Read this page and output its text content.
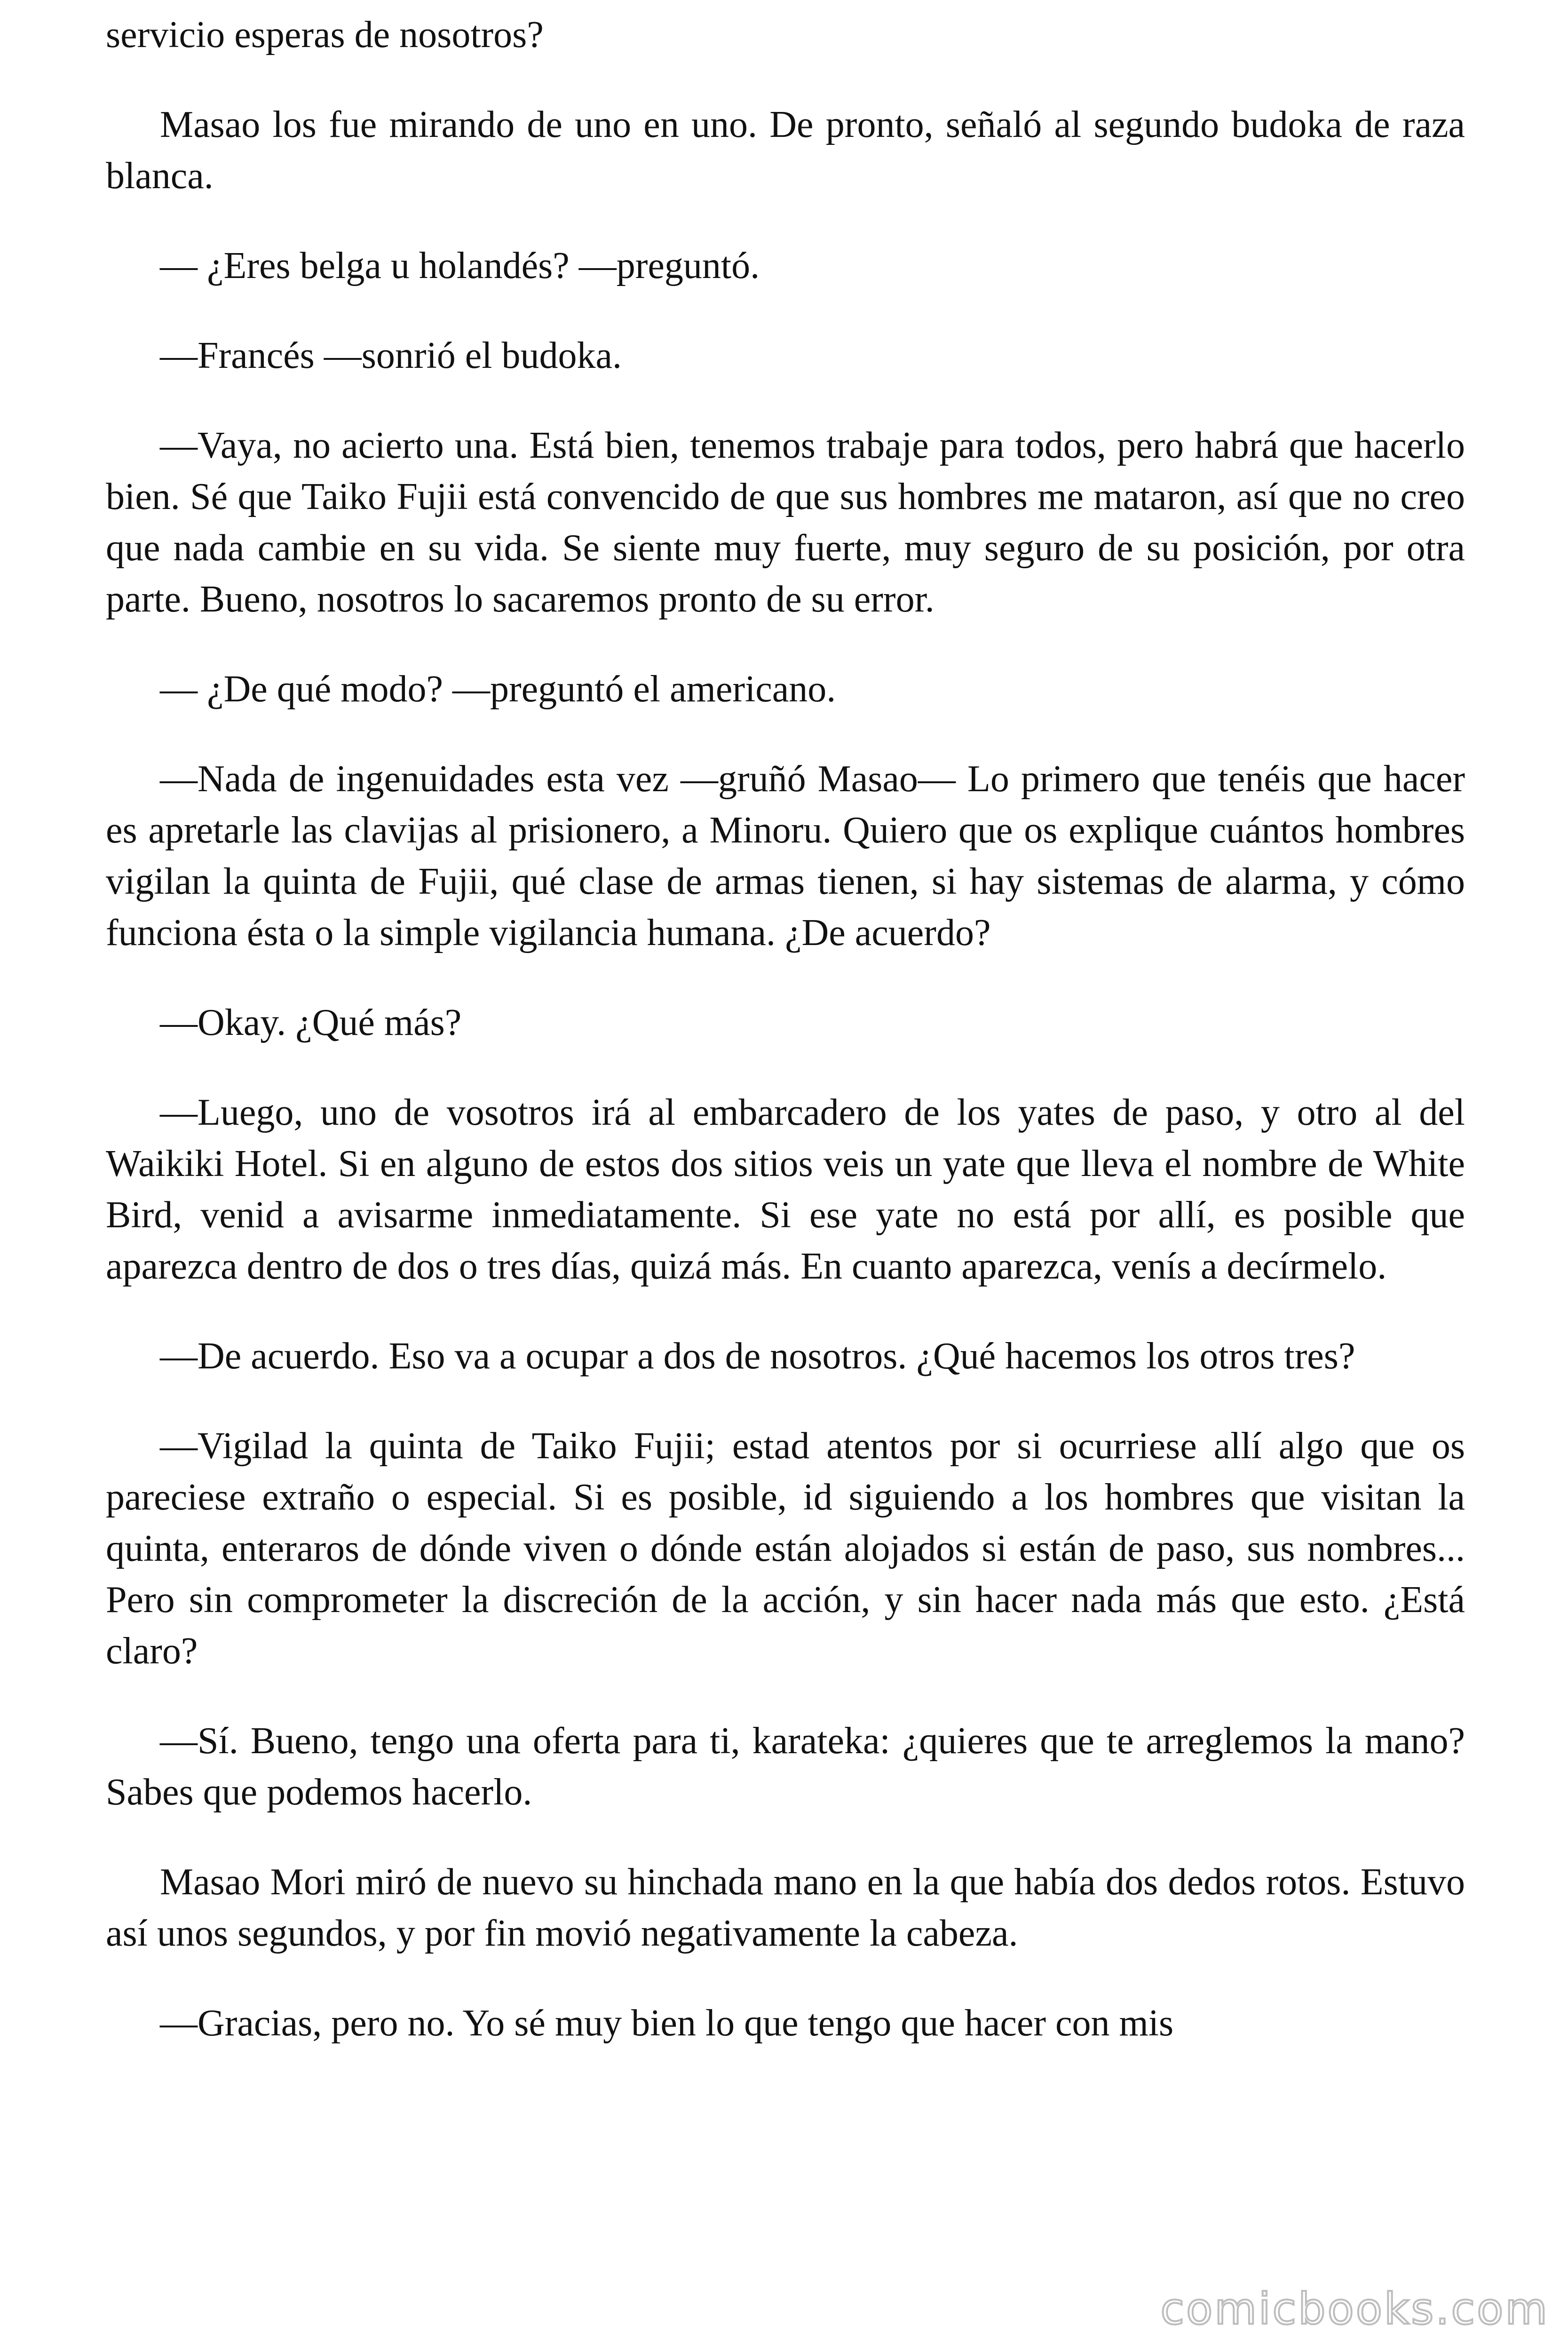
servicio esperas de nosotros?

Masao los fue mirando de uno en uno. De pronto, señaló al segundo budoka de raza blanca.

— ¿Eres belga u holandés? —preguntó.

—Francés —sonrió el budoka.

—Vaya, no acierto una. Está bien, tenemos trabaje para todos, pero habrá que hacerlo bien. Sé que Taiko Fujii está convencido de que sus hombres me mataron, así que no creo que nada cambie en su vida. Se siente muy fuerte, muy seguro de su posición, por otra parte. Bueno, nosotros lo sacaremos pronto de su error.

— ¿De qué modo? —preguntó el americano.

—Nada de ingenuidades esta vez —gruñó Masao— Lo primero que tenéis que hacer es apretarle las clavijas al prisionero, a Minoru. Quiero que os explique cuántos hombres vigilan la quinta de Fujii, qué clase de armas tienen, si hay sistemas de alarma, y cómo funciona ésta o la simple vigilancia humana. ¿De acuerdo?

—Okay. ¿Qué más?

—Luego, uno de vosotros irá al embarcadero de los yates de paso, y otro al del Waikiki Hotel. Si en alguno de estos dos sitios veis un yate que lleva el nombre de White Bird, venid a avisarme inmediatamente. Si ese yate no está por allí, es posible que aparezca dentro de dos o tres días, quizá más. En cuanto aparezca, venís a decírmelo.

—De acuerdo. Eso va a ocupar a dos de nosotros. ¿Qué hacemos los otros tres?

—Vigilad la quinta de Taiko Fujii; estad atentos por si ocurriese allí algo que os pareciese extraño o especial. Si es posible, id siguiendo a los hombres que visitan la quinta, enteraros de dónde viven o dónde están alojados si están de paso, sus nombres... Pero sin comprometer la discreción de la acción, y sin hacer nada más que esto. ¿Está claro?

—Sí. Bueno, tengo una oferta para ti, karateka: ¿quieres que te arreglemos la mano? Sabes que podemos hacerlo.

Masao Mori miró de nuevo su hinchada mano en la que había dos dedos rotos. Estuvo así unos segundos, y por fin movió negativamente la cabeza.

—Gracias, pero no. Yo sé muy bien lo que tengo que hacer con mis

comicbooks.com
